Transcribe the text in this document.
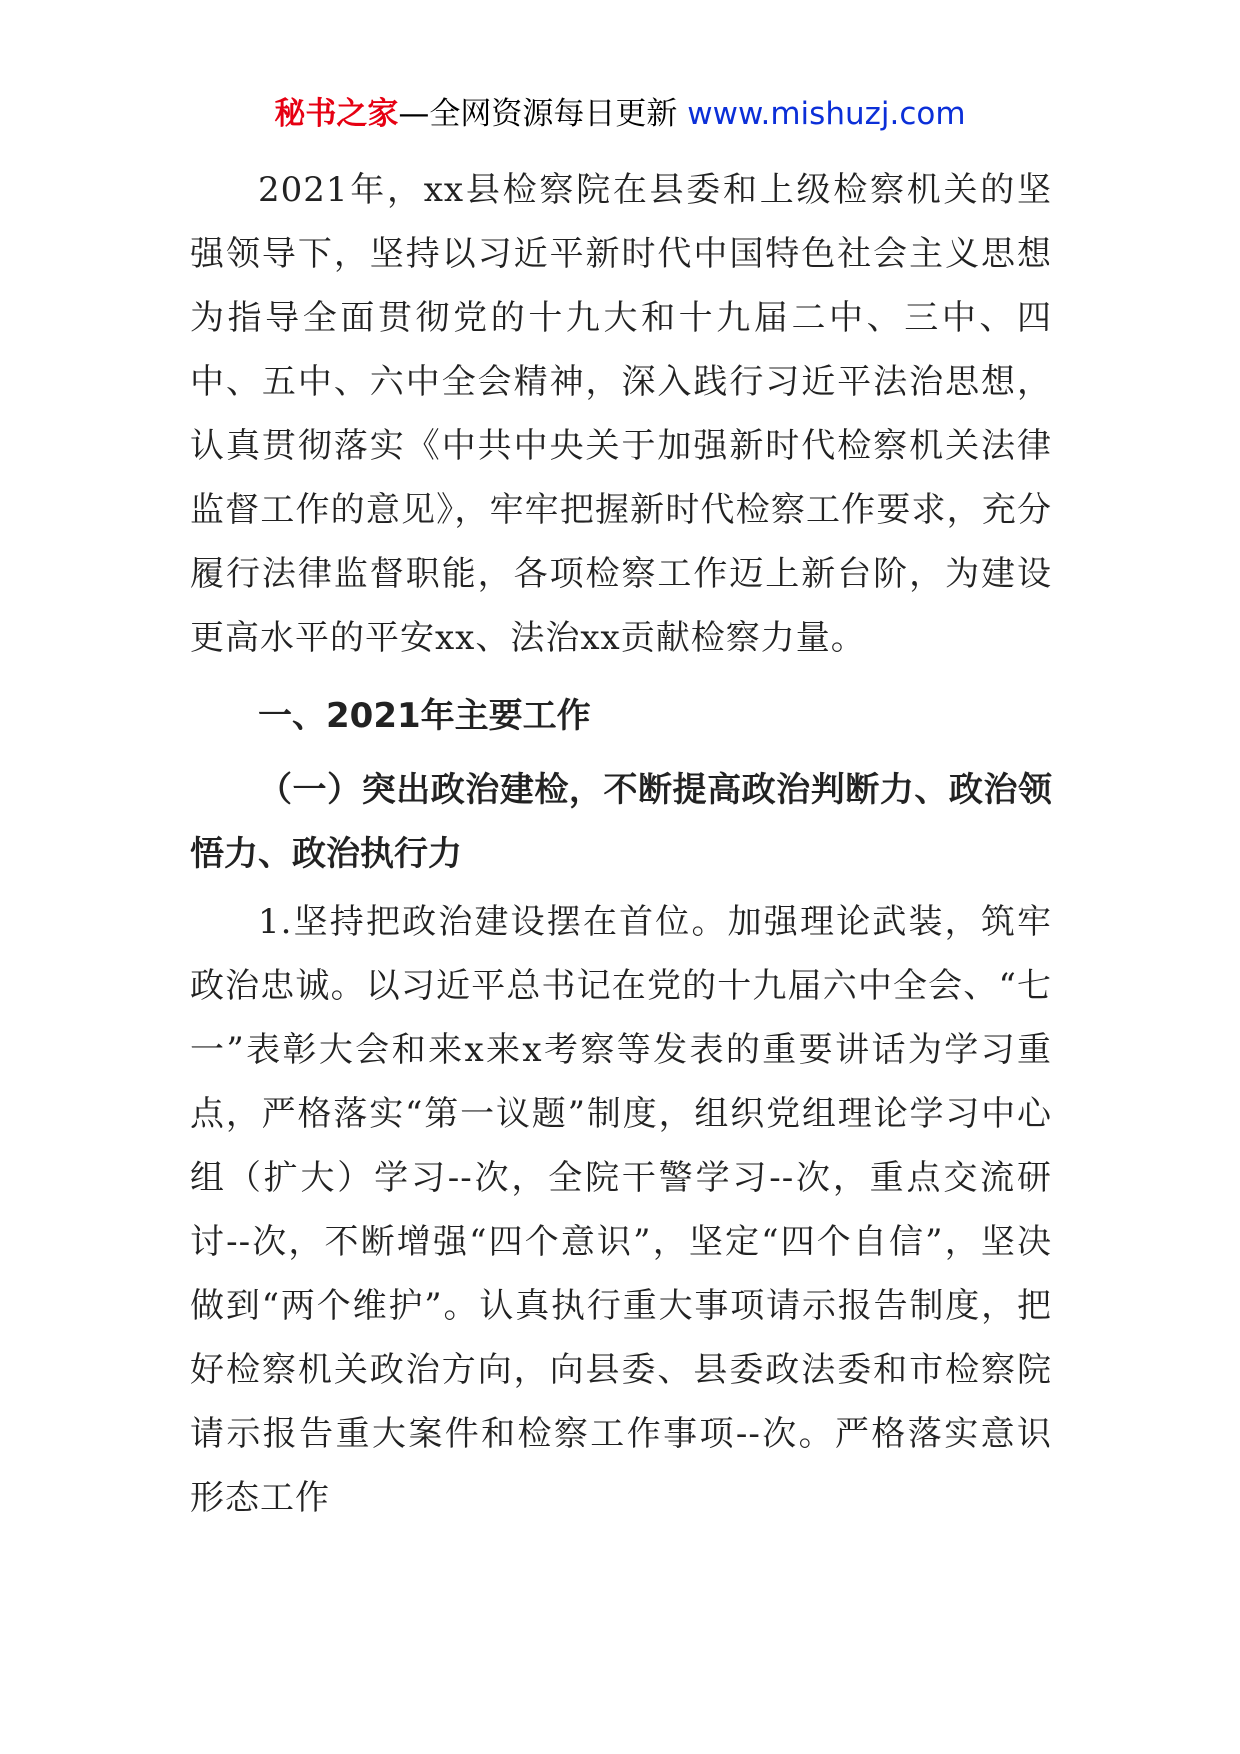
秘书之家—全网资源每日更新 www.mishuzj.com

2021年，xx县检察院在县委和上级检察机关的坚强领导下，坚持以习近平新时代中国特色社会主义思想为指导全面贯彻党的十九大和十九届二中、三中、四中、五中、六中全会精神，深入践行习近平法治思想，认真贯彻落实《中共中央关于加强新时代检察机关法律监督工作的意见》，牢牢把握新时代检察工作要求，充分履行法律监督职能，各项检察工作迈上新台阶，为建设更高水平的平安xx、法治xx贡献检察力量。

一、2021年主要工作

（一）突出政治建检，不断提高政治判断力、政治领悟力、政治执行力

1.坚持把政治建设摆在首位。加强理论武装，筑牢政治忠诚。以习近平总书记在党的十九届六中全会、“七一”表彰大会和来x来x考察等发表的重要讲话为学习重点，严格落实“第一议题”制度，组织党组理论学习中心组（扩大）学习--次，全院干警学习--次，重点交流研讨--次，不断增强“四个意识”，坚定“四个自信”，坚决做到“两个维护”。认真执行重大事项请示报告制度，把好检察机关政治方向，向县委、县委政法委和市检察院请示报告重大案件和检察工作事项--次。严格落实意识形态工作
